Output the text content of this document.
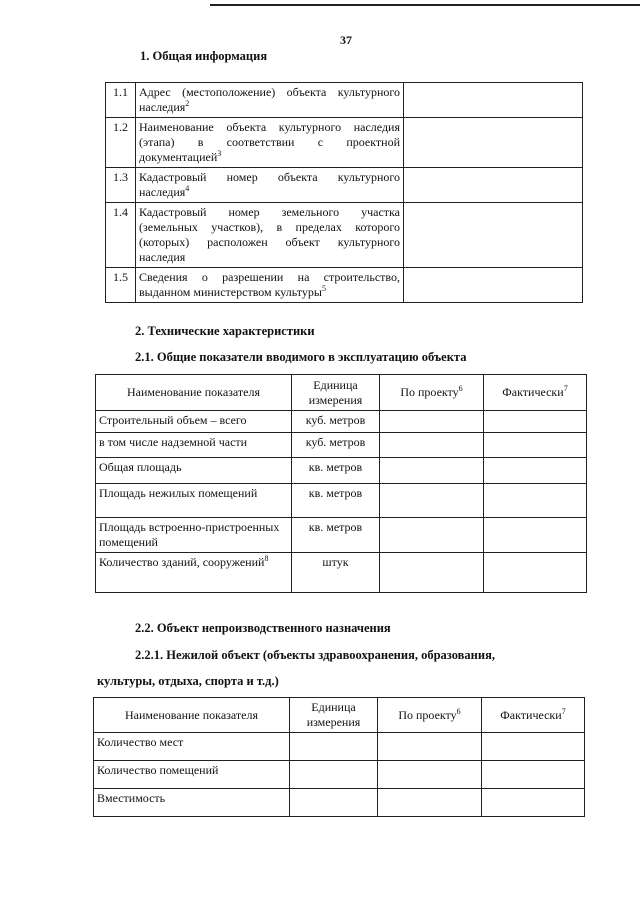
37
1. Общая информация
1.1	Адрес (местоположение) объекта культурного наследия$^2$	
1.2	Наименование объекта культурного наследия (этапа) в соответствии с проектной документацией$^3$	
1.3	Кадастровый номер объекта культурного наследия$^4$	
1.4	Кадастровый номер земельного участка (земельных участков), в пределах которого (которых) расположен объект культурного наследия	
1.5	Сведения о разрешении на строительство, выданном министерством культуры$^5$	
2. Технические характеристики
2.1. Общие показатели вводимого в эксплуатацию объекта
Наименование показателя	Единица измерения	По проекту$^6$	Фактически$^7$
Строительный объем – всего	куб. метров		
в том числе надземной части	куб. метров		
Общая площадь	кв. метров		
Площадь нежилых помещений	кв. метров		
Площадь встроенно-пристроенных помещений	кв. метров		
Количество зданий, сооружений$^8$	штук		
2.2. Объект непроизводственного назначения
2.2.1. Нежилой объект (объекты здравоохранения, образования,
культуры, отдыха, спорта и т.д.)
Наименование показателя	Единица измерения	По проекту$^6$	Фактически$^7$
Количество мест			
Количество помещений			
Вместимость			
